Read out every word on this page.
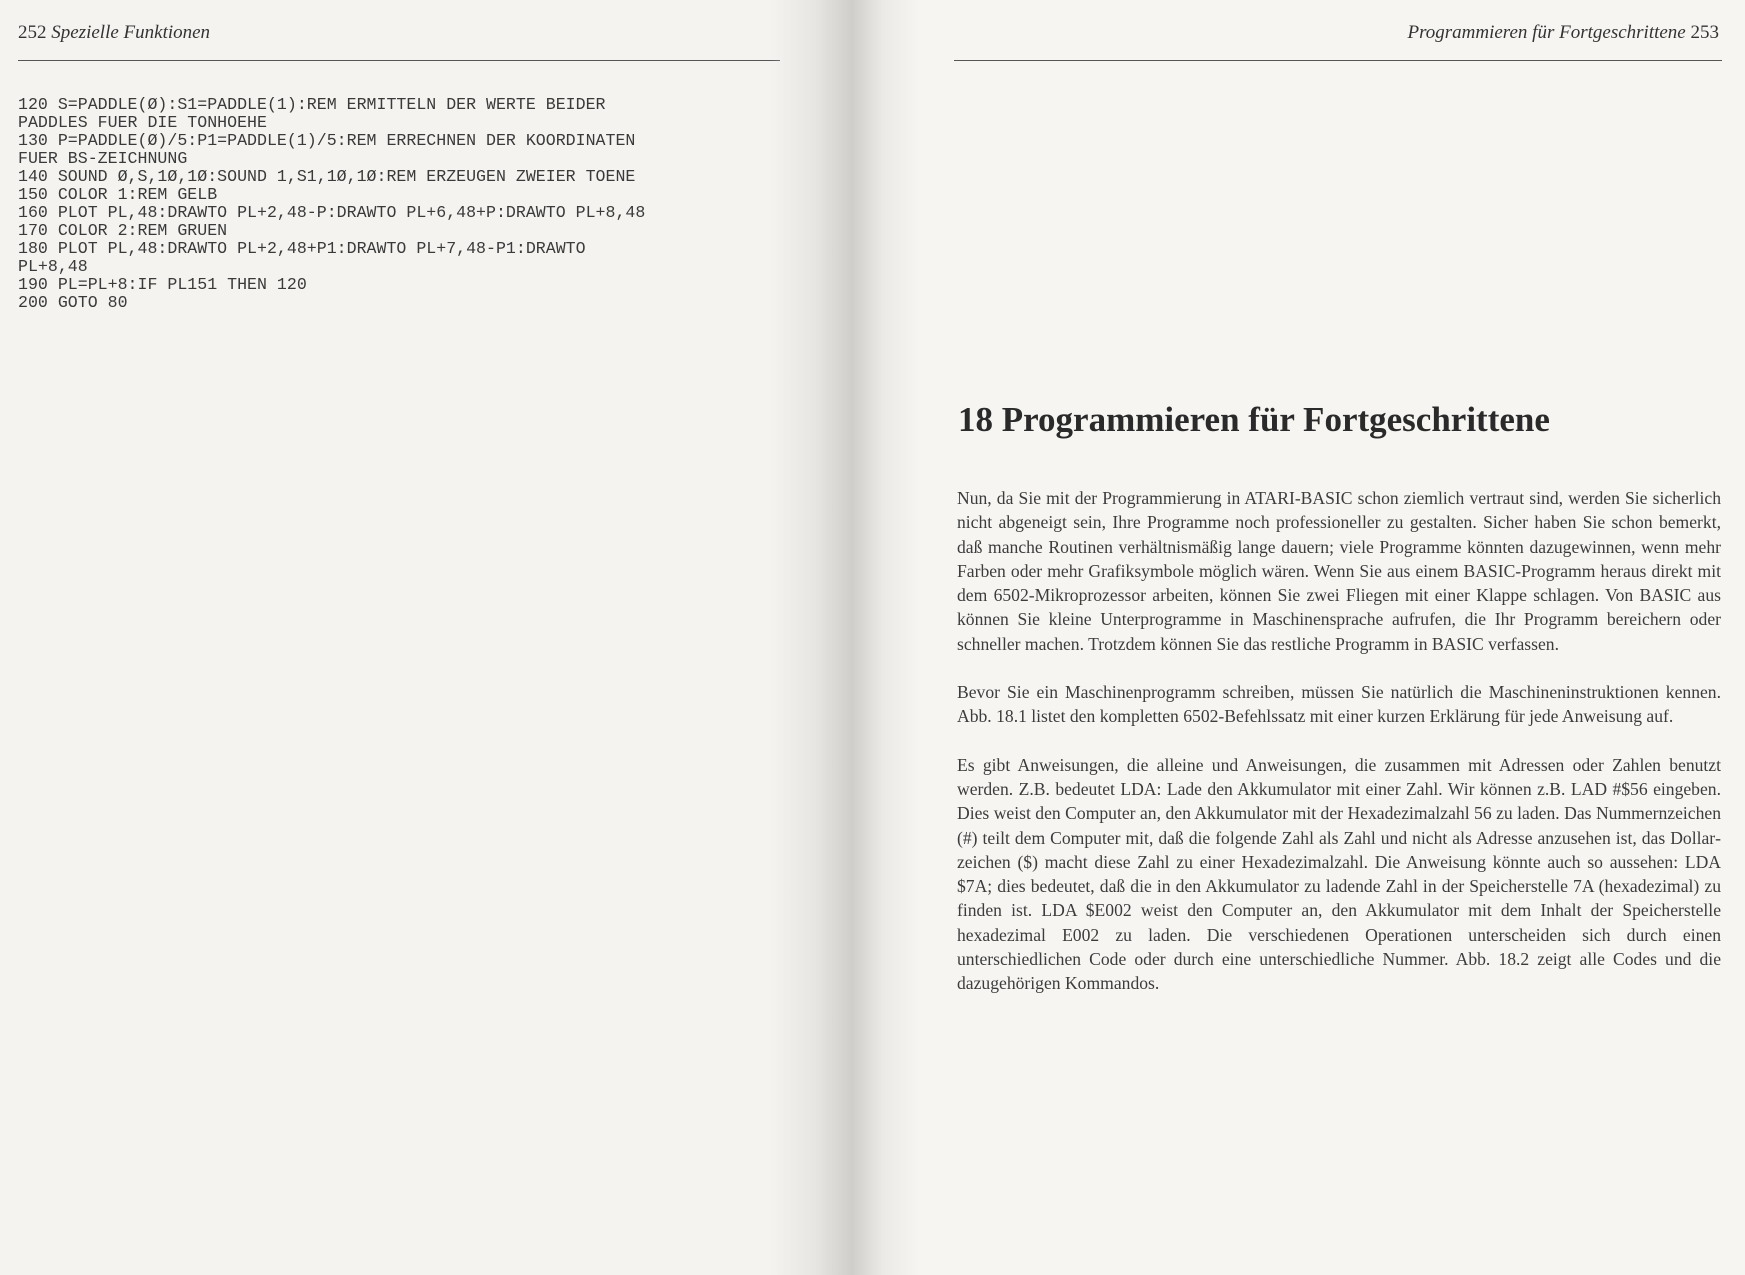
252 Spezielle Funktionen
120 S=PADDLE(Ø):S1=PADDLE(1):REM ERMITTELN DER WERTE BEIDER
PADDLES FUER DIE TONHOEHE
130 P=PADDLE(Ø)/5:P1=PADDLE(1)/5:REM ERRECHNEN DER KOORDINATEN
FUER BS-ZEICHNUNG
140 SOUND Ø,S,1Ø,1Ø:SOUND 1,S1,1Ø,1Ø:REM ERZEUGEN ZWEIER TOENE
150 COLOR 1:REM GELB
160 PLOT PL,48:DRAWTO PL+2,48-P:DRAWTO PL+6,48+P:DRAWTO PL+8,48
170 COLOR 2:REM GRUEN
180 PLOT PL,48:DRAWTO PL+2,48+P1:DRAWTO PL+7,48-P1:DRAWTO
PL+8,48
190 PL=PL+8:IF PL151 THEN 120
200 GOTO 80
Programmieren für Fortgeschrittene 253
18 Programmieren für Fortgeschrittene

Nun, da Sie mit der Programmierung in ATARI-BASIC schon ziemlich vertraut sind, werden Sie sicherlich nicht abgeneigt sein, Ihre Programme noch professioneller zu gestalten. Sicher haben Sie schon bemerkt, daß manche Routinen verhältnismäßig lange dauern; viele Programme könnten dazugewinnen, wenn mehr Farben oder mehr Grafiksymbole möglich wären. Wenn Sie aus einem BASIC-Programm heraus direkt mit dem 6502-Mikroprozessor arbeiten, können Sie zwei Fliegen mit einer Klappe schlagen. Von BASIC aus können Sie kleine Unterprogramme in Maschinensprache aufrufen, die Ihr Programm bereichern oder schneller machen. Trotzdem können Sie das restliche Programm in BASIC verfassen.

Bevor Sie ein Maschinenprogramm schreiben, müssen Sie natürlich die Maschineninstruktionen kennen. Abb. 18.1 listet den kompletten 6502-Befehlssatz mit einer kurzen Erklärung für jede Anweisung auf.

Es gibt Anweisungen, die alleine und Anweisungen, die zusammen mit Adressen oder Zahlen benutzt werden. Z.B. bedeutet LDA: Lade den Akkumulator mit einer Zahl. Wir können z.B. LAD #$56 eingeben. Dies weist den Computer an, den Akkumulator mit der Hexadezimalzahl 56 zu laden. Das Nummernzeichen (#) teilt dem Computer mit, daß die folgende Zahl als Zahl und nicht als Adresse anzusehen ist, das Dollarzeichen ($) macht diese Zahl zu einer Hexadezimalzahl. Die Anweisung könnte auch so aussehen: LDA $7A; dies bedeutet, daß die in den Akkumulator zu ladende Zahl in der Speicherstelle 7A (hexadezimal) zu finden ist. LDA $E002 weist den Computer an, den Akkumulator mit dem Inhalt der Speicherstelle hexadezimal E002 zu laden. Die verschiedenen Operationen unterscheiden sich durch einen unterschiedlichen Code oder durch eine unterschiedliche Nummer. Abb. 18.2 zeigt alle Codes und die dazugehörigen Kommandos.
